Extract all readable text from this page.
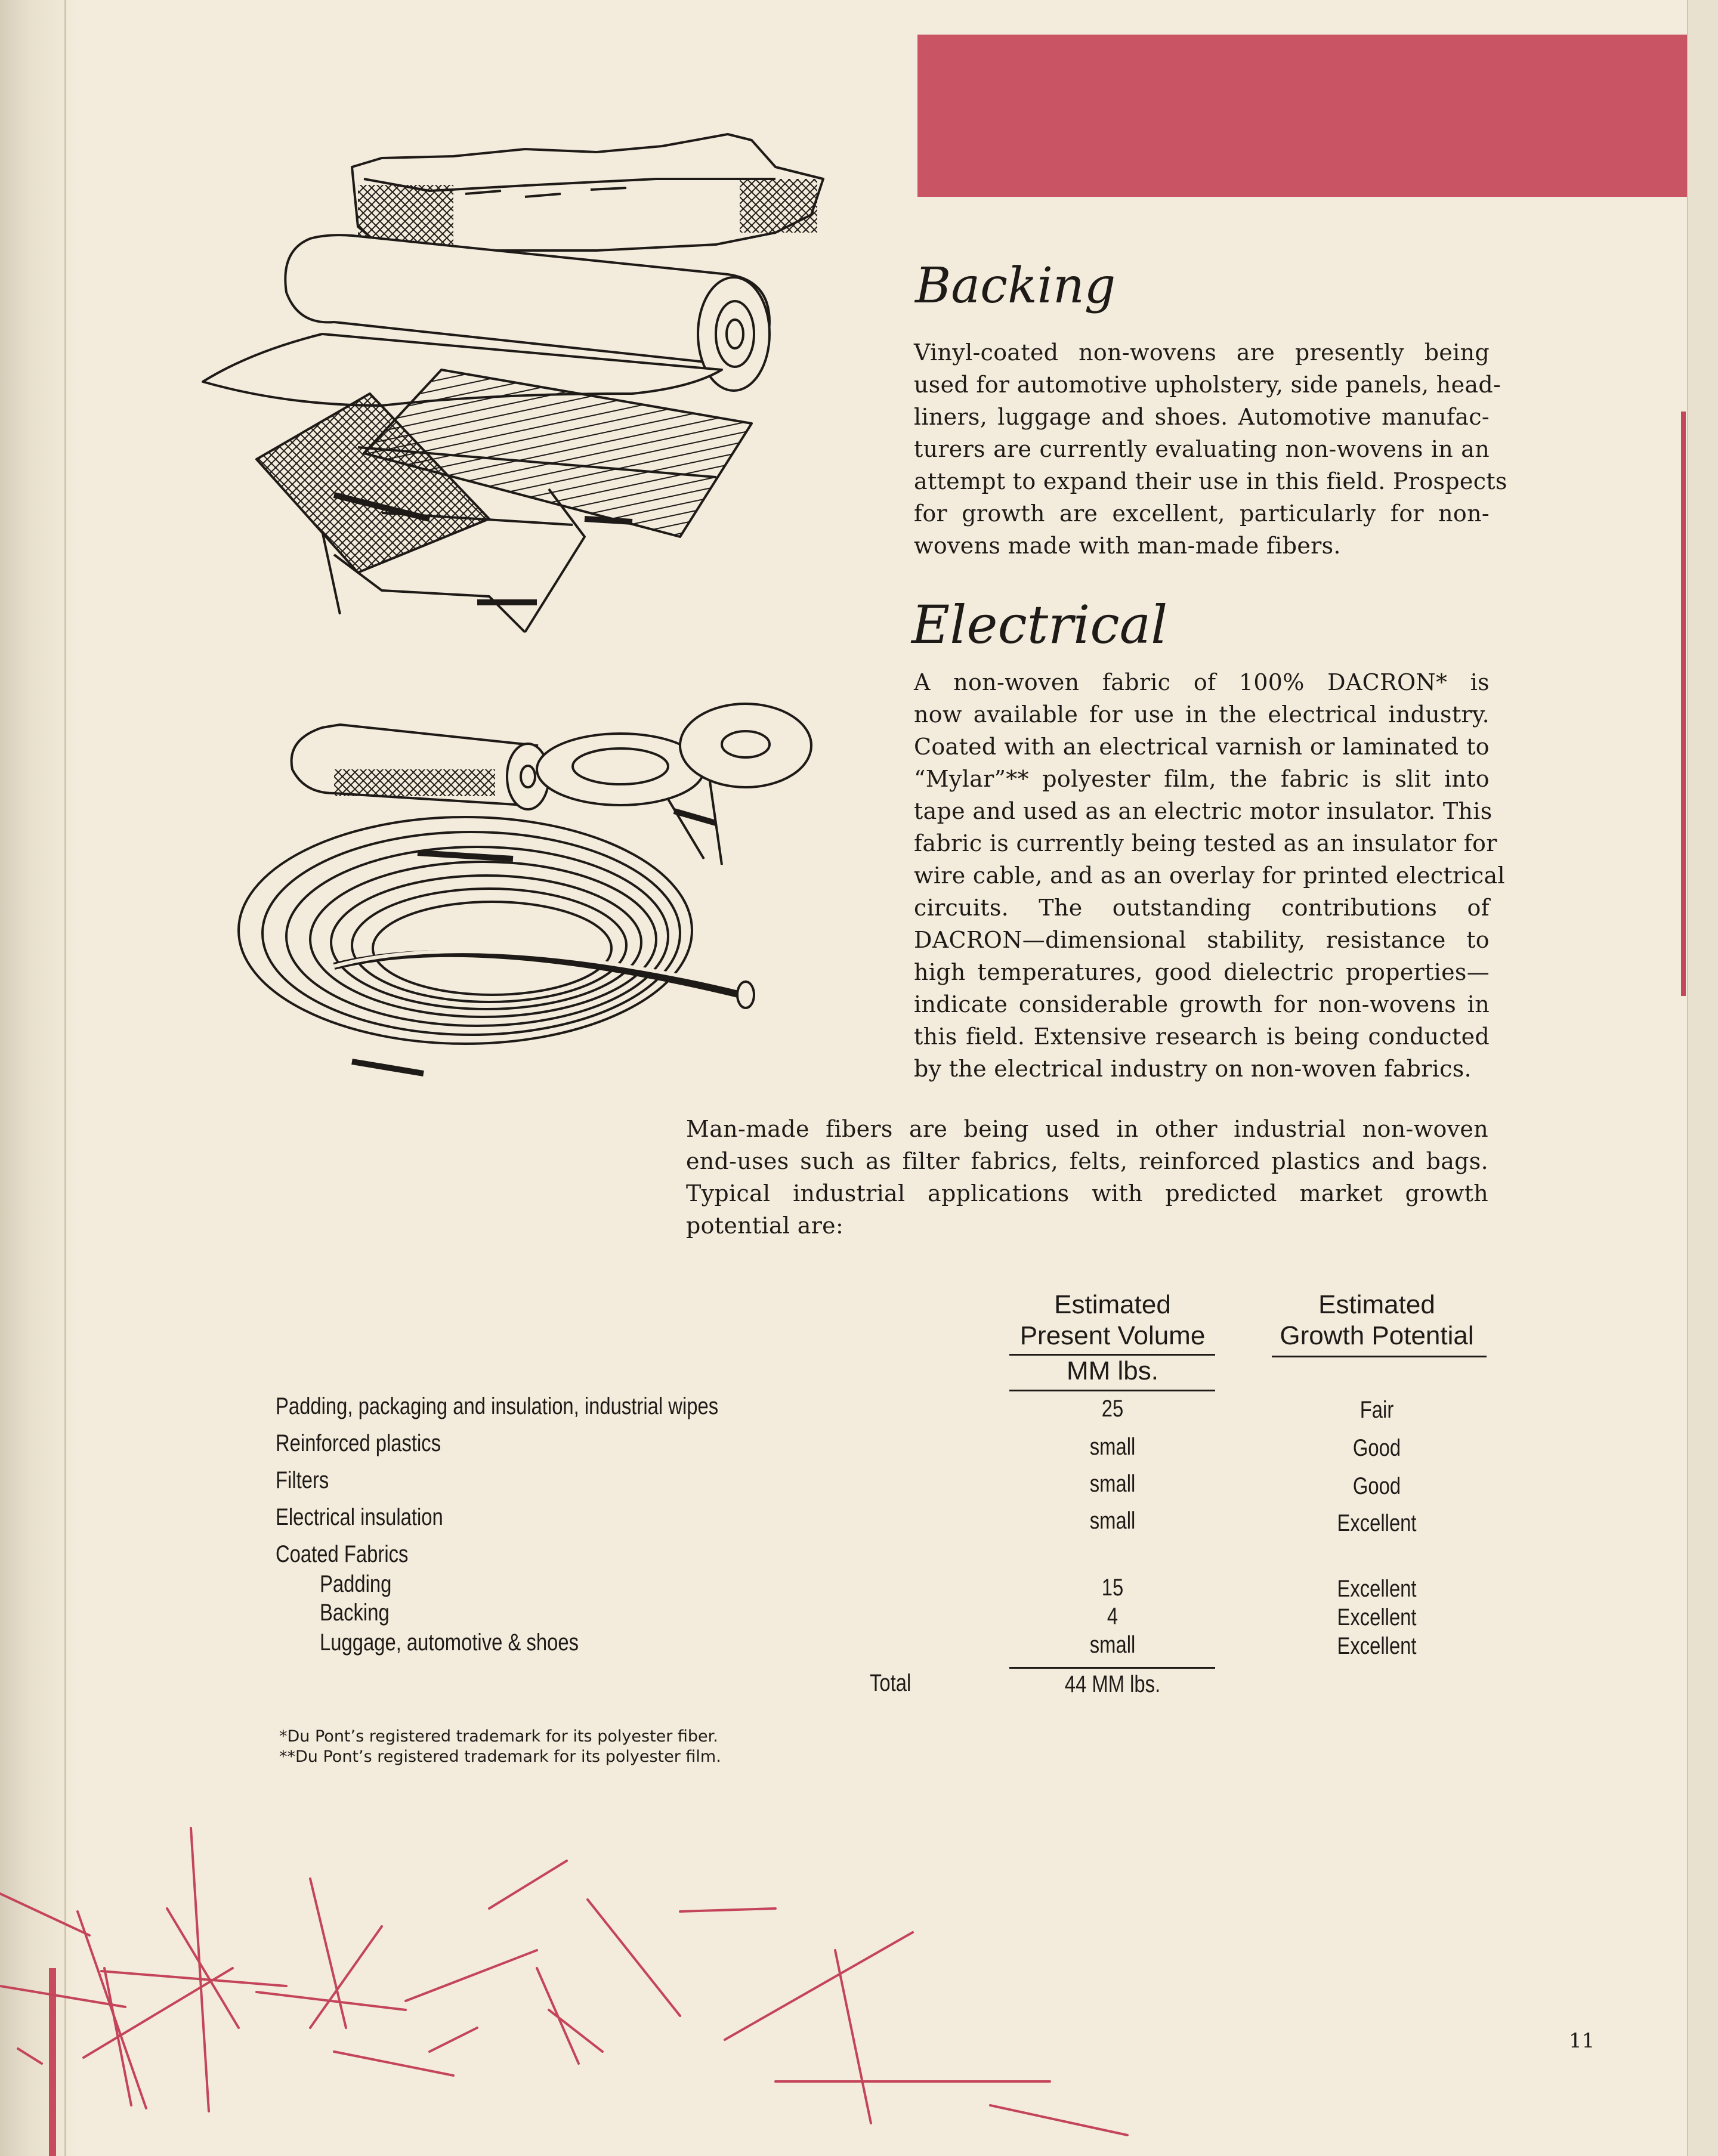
Backing
Electrical
Vinyl-coated non-wovens are presently being
used for automotive upholstery, side panels, head-
liners, luggage and shoes. Automotive manufac-
turers are currently evaluating non-wovens in an
attempt to expand their use in this field. Prospects
for growth are excellent, particularly for non-
wovens made with man-made fibers.
A non-woven fabric of 100% DACRON* is
now available for use in the electrical industry.
Coated with an electrical varnish or laminated to
“Mylar”** polyester film, the fabric is slit into
tape and used as an electric motor insulator. This
fabric is currently being tested as an insulator for
wire cable, and as an overlay for printed electrical
circuits. The outstanding contributions of
DACRON—dimensional stability, resistance to
high temperatures, good dielectric properties—
indicate considerable growth for non-wovens in
this field. Extensive research is being conducted
by the electrical industry on non-woven fabrics.
Man-made fibers are being used in other industrial non-woven
end-uses such as filter fabrics, felts, reinforced plastics and bags.
Typical industrial applications with predicted market growth
potential are:
Estimated
Present Volume
MM lbs.
Estimated
Growth Potential
Padding, packaging and insulation, industrial wipes	25	Fair
Reinforced plastics	small	Good
Filters	small	Good
Electrical insulation	small	Excellent
Coated Fabrics
Padding	15	Excellent
Backing	4	Excellent
Luggage, automotive & shoes	small	Excellent
Total	44 MM lbs.
*Du Pont’s registered trademark for its polyester fiber.
**Du Pont’s registered trademark for its polyester film.
11
